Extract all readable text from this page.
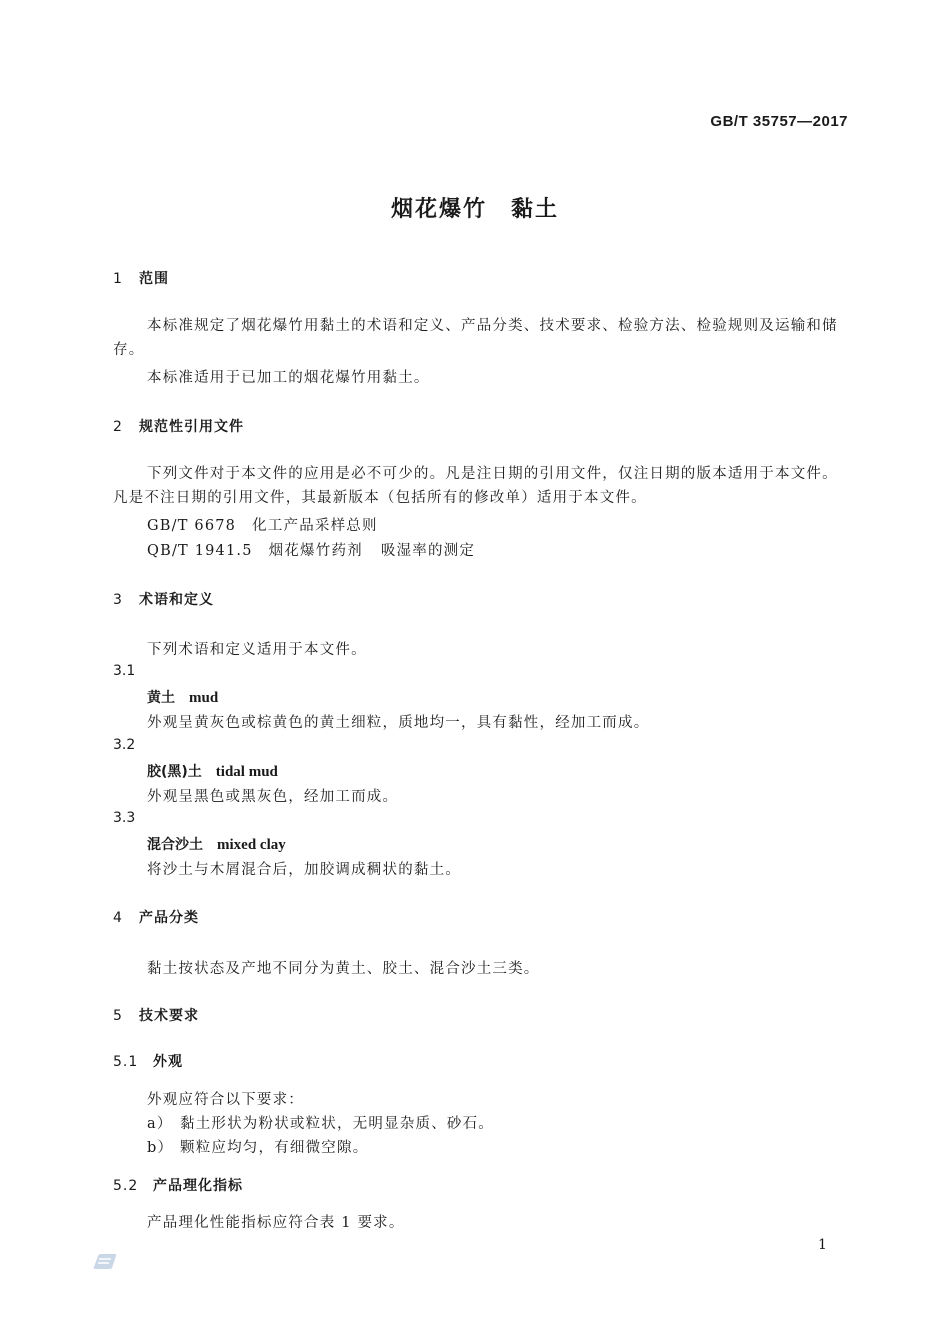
GB/T 35757—2017
烟花爆竹　黏土
1 范围
本标准规定了烟花爆竹用黏土的术语和定义、产品分类、技术要求、检验方法、检验规则及运输和储存。
本标准适用于已加工的烟花爆竹用黏土。
2 规范性引用文件
下列文件对于本文件的应用是必不可少的。凡是注日期的引用文件，仅注日期的版本适用于本文件。凡是不注日期的引用文件，其最新版本（包括所有的修改单）适用于本文件。
GB/T 6678 化工产品采样总则
QB/T 1941.5 烟花爆竹药剂 吸湿率的测定
3 术语和定义
下列术语和定义适用于本文件。
3.1
黄土 mud
外观呈黄灰色或棕黄色的黄土细粒，质地均一，具有黏性，经加工而成。
3.2
胶(黑)土 tidal mud
外观呈黑色或黑灰色，经加工而成。
3.3
混合沙土 mixed clay
将沙土与木屑混合后，加胶调成稠状的黏土。
4 产品分类
黏土按状态及产地不同分为黄土、胶土、混合沙土三类。
5 技术要求
5.1 外观
外观应符合以下要求：
a） 黏土形状为粉状或粒状，无明显杂质、砂石。
b） 颗粒应均匀，有细微空隙。
5.2 产品理化指标
产品理化性能指标应符合表 1 要求。
1
